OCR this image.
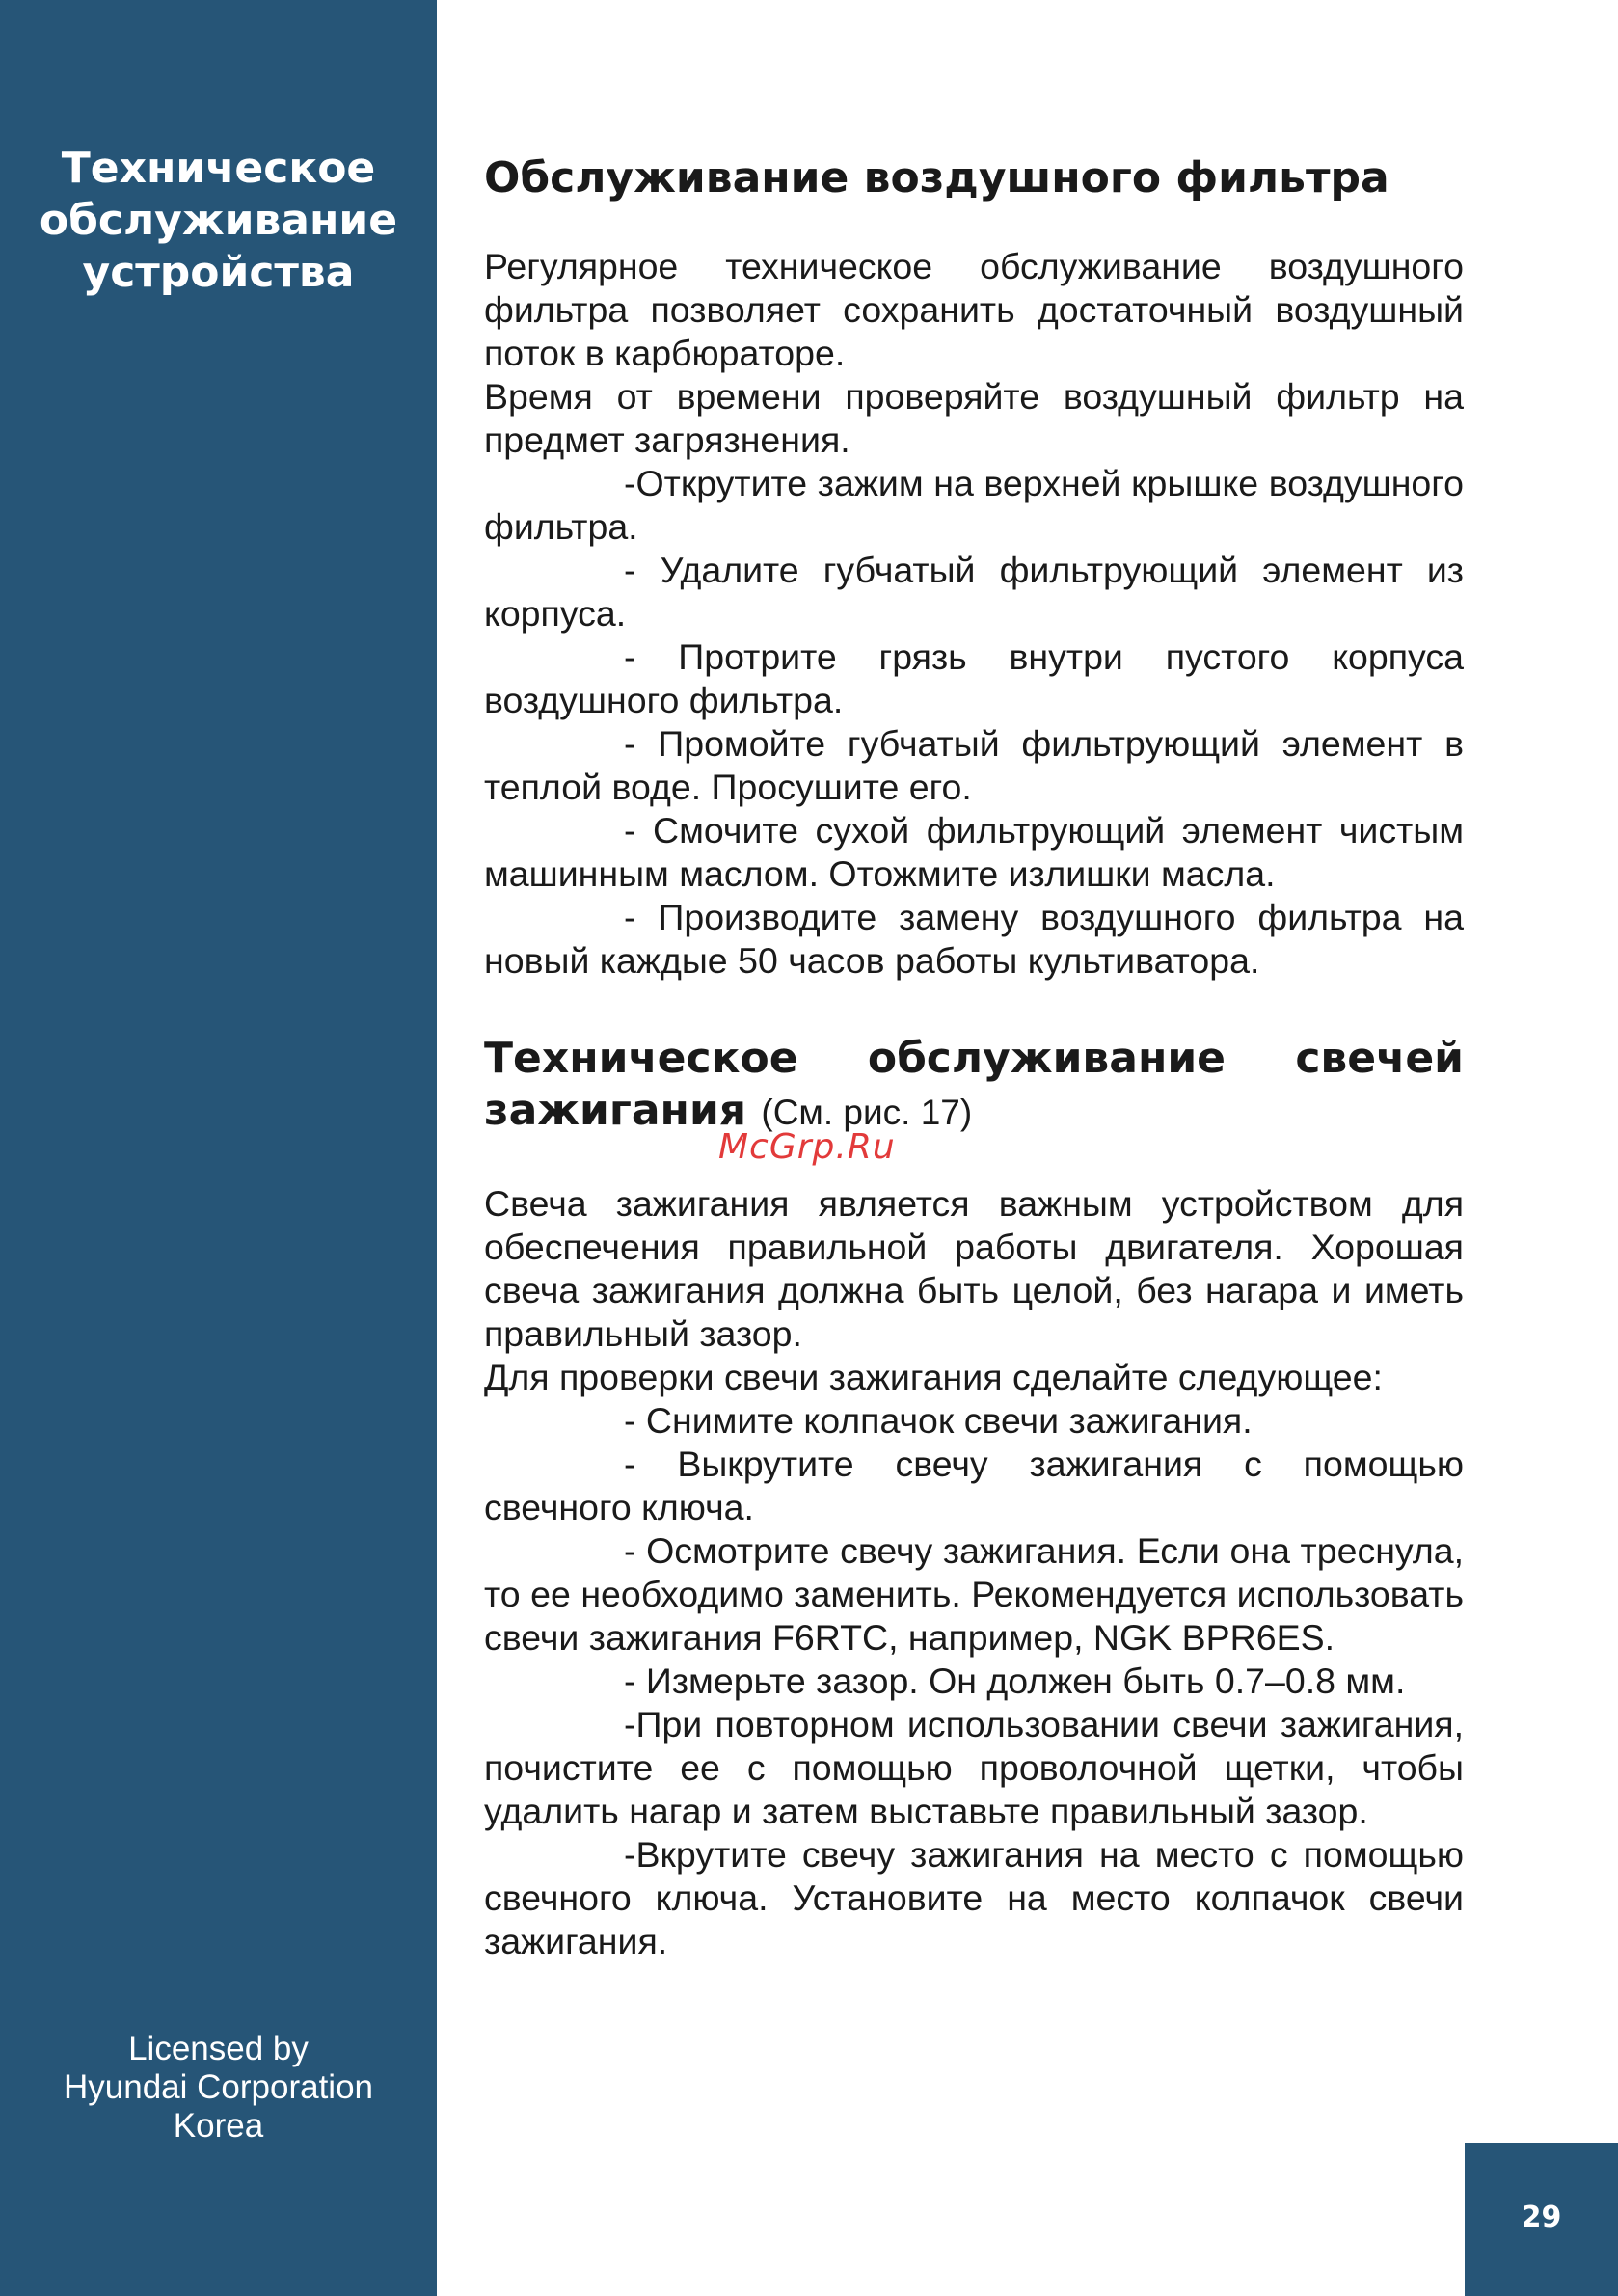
Техническое
обслуживание
устройства
Licensed by
Hyundai Corporation
Korea
Обслуживание воздушного фильтра

Регулярное техническое обслуживание воздушного фильтра позволяет сохранить достаточный воздушный поток в карбюраторе.

Время от времени проверяйте воздушный фильтр на предмет загрязнения.

-Открутите зажим на верхней крышке воздушного фильтра.

- Удалите губчатый фильтрующий элемент из корпуса.

- Протрите грязь внутри пустого корпуса воздушного фильтра.

- Промойте губчатый фильтрующий элемент в теплой воде. Просушите его.

- Смочите сухой фильтрующий элемент чистым машинным маслом. Отожмите излишки масла.

- Производите замену воздушного фильтра на новый каждые 50 часов работы культиватора.

Техническое обслуживание свечей зажигания (См. рис. 17)

Свеча зажигания является важным устройством для обеспечения правильной работы двигателя. Хорошая свеча зажигания должна быть целой, без нагара и иметь правильный зазор.

Для проверки свечи зажигания сделайте следующее:

- Снимите колпачок свечи зажигания.

- Выкрутите свечу зажигания с помощью свечного ключа.

- Осмотрите свечу зажигания. Если она треснула, то ее необходимо заменить. Рекомендуется использовать свечи зажигания F6RTC, например, NGK BPR6ES.

- Измерьте зазор. Он должен быть 0.7–0.8 мм.

-При повторном использовании свечи зажигания, почистите ее с помощью проволочной щетки, чтобы удалить нагар и затем выставьте правильный зазор.

-Вкрутите свечу зажигания на место с помощью свечного ключа. Установите на место колпачок свечи зажигания.

McGrp.Ru
29
